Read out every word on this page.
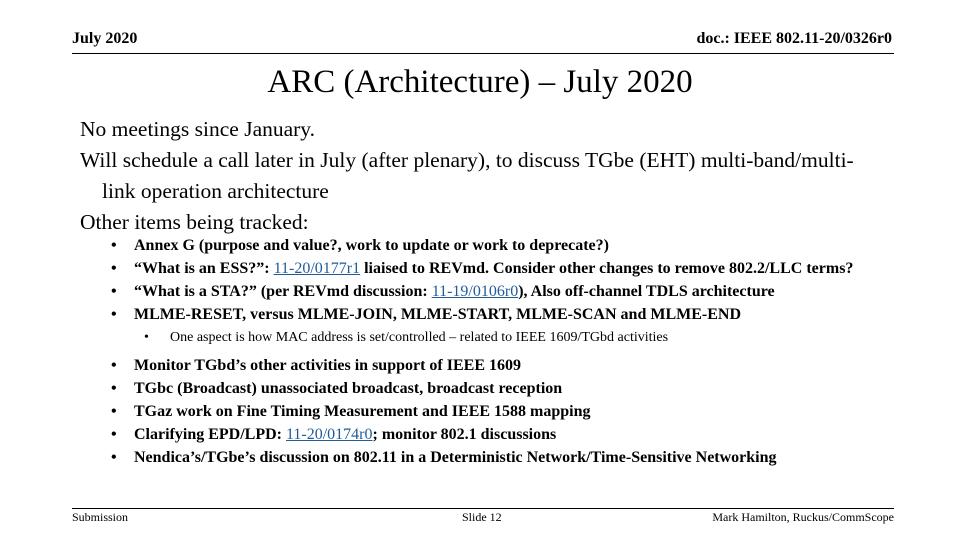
July 2020	doc.: IEEE 802.11-20/0326r0
ARC (Architecture) – July 2020
No meetings since January.
Will schedule a call later in July (after plenary), to discuss TGbe (EHT) multi-band/multi-link operation architecture
Other items being tracked:
• Annex G (purpose and value?, work to update or work to deprecate?)
• “What is an ESS?”: 11-20/0177r1 liaised to REVmd. Consider other changes to remove 802.2/LLC terms?
• “What is a STA?” (per REVmd discussion: 11-19/0106r0), Also off-channel TDLS architecture
• MLME-RESET, versus MLME-JOIN, MLME-START, MLME-SCAN and MLME-END
• One aspect is how MAC address is set/controlled – related to IEEE 1609/TGbd activities
• Monitor TGbd’s other activities in support of IEEE 1609
• TGbc (Broadcast) unassociated broadcast, broadcast reception
• TGaz work on Fine Timing Measurement and IEEE 1588 mapping
• Clarifying EPD/LPD: 11-20/0174r0; monitor 802.1 discussions
• Nendica’s/TGbe’s discussion on 802.11 in a Deterministic Network/Time-Sensitive Networking
Submission	Slide 12	Mark Hamilton, Ruckus/CommScope
